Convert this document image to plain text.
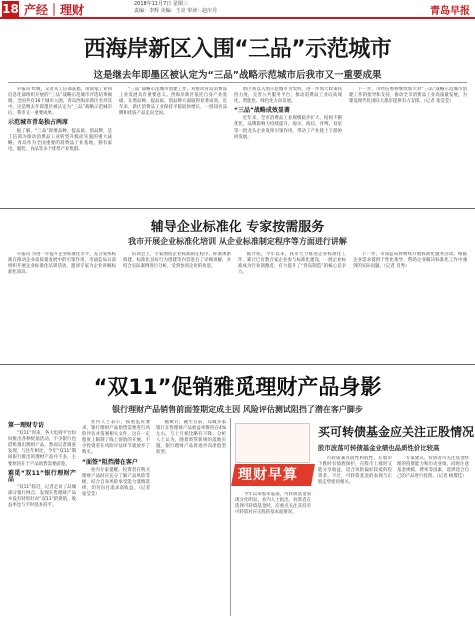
18 产经｜理财	2018年11月7日 星期三
责编：李辉 美编：王亮 审读：赵庆丹	青岛早报
西海岸新区入围“三品”示范城市
这是继去年即墨区被认定为“三品”战略示范城市后我市又一重要成果

早报讯 昨晚，记者从工信部获悉，由国家工业和信息化部组织开展的“三品”战略示范城市评选结果揭晓，全国共有16个城市入围，青岛西海岸新区名列其中。这是继去年即墨区被认定为“三品”战略示范城市后，我市又一重要成果。

示范城市青岛独占两席

据了解，“三品”即增品种、提品质、创品牌，是工信部为推动消费品工业转型升级而实施的重大战略。青岛作为全国重要的消费品工业基地，拥有家电、服装、食品等多个优势产业集群。

“三品”战略示范城市创建工作，对推动青岛消费品工业发展具有重要意义。西海岸新区依托自身产业基础，在增品种、提品质、创品牌方面取得显著成效。近年来，新区消费品工业保持平稳较快增长，一批知名品牌和优质产品走向全国。

新区将以入围示范城市为契机，进一步加大政策扶持力度，完善公共服务平台，推动消费品工业向高端化、智能化、绿色化方向发展。

“三品”战略成效显著

近年来，全市消费品工业规模稳步扩大，结构不断优化，品牌影响力持续提升。海尔、海信、青啤、双星等一批龙头企业发挥引领作用，带动了产业链上下游协同发展。

下一步，市经信委将继续加大对“三品”战略示范城市创建工作的指导和支持，推动全市消费品工业高质量发展，为建设现代化国际大都市提供有力支撑。（记者 张莹莹）

辅导企业标准化 专家按需服务
我市开展企业标准化培训 从企业标准制定程序等方面进行讲解

早报讯 为进一步提升企业标准化水平，充分发挥标准在推动企业高质量发展中的引领作用，市质监局日前组织开展企业标准化培训活动，邀请专家为企业讲解标准化知识。

培训会上，专家围绕企业标准制定程序、标准体系构建、标准化良好行为创建等内容进行了详细讲解，并结合实际案例进行分析，受到参训企业的欢迎。

据介绍，今年以来，我市大力推进企业标准化工作，累计已有数百家企业参与标准化建设，一批企业标准成为行业领跑者，有力提升了“青岛制造”的核心竞争力。

下一步，市质监局将继续开展标准化服务活动，根据企业需求提供个性化指导，帮助企业解决标准化工作中遇到的实际问题。（记者 肖秀）

“双11”促销雅觅理财产品身影
银行理财产品销售前面签期定成主因 风险评估测试阻挡了潜在客户脚步

第一理财专访

“双11”到来，各大电商平台纷纷推出各种促销活动，不少银行也借机推出理财产品。然而记者调查发现，与往年相比，今年“双11”期间银行推出的理财产品并不多，主要原因在于产品销售需要面签。

难觅“双11”银行理财产品

“双11”临近，记者走访了岛城部分银行网点，发现在售理财产品并没有特别针对“双11”的促销，收益率也与平时基本持平。

业内人士表示，按照监管要求，银行理财产品销售需要进行风险评估并签署相关文件，这在一定程度上限制了线上促销的开展。不少投资者在风险评估环节就放弃了购买。

“面签”阻挡潜在客户

业内专家提醒，投资者在购买理财产品时应充分了解产品风险等级，结合自身风险承受能力谨慎选择，切勿盲目追求高收益。（记者 张莹莹）

据统计，截至目前，岛城多家银行在售理财产品收益率维持在4%左右，与上月相比略有下降。分析人士认为，随着资管新规的落地实施，银行理财产品将逐步向净值型转型。

理财早算
买可转债基金应关注正股情况
股市波荡可转债基金业绩也品质性价比较高

今年以来股市震荡，可转债基金表现分化明显。业内人士指出，投资者在选择可转债基金时，应重点关注其持有可转债对应正股的基本面情况。

可转债兼具债性和股性，在股市下跌时有债底保护，在股市上涨时又能分享收益，适合风险偏好较低的投资者。不过，可转债基金的表现与正股走势密切相关。

专家建议，投资者可关注基金经理的投资能力和历史业绩，同时注意基金规模、费率等因素，选择适合自己的产品进行投资。（记者 杨璟佳）
